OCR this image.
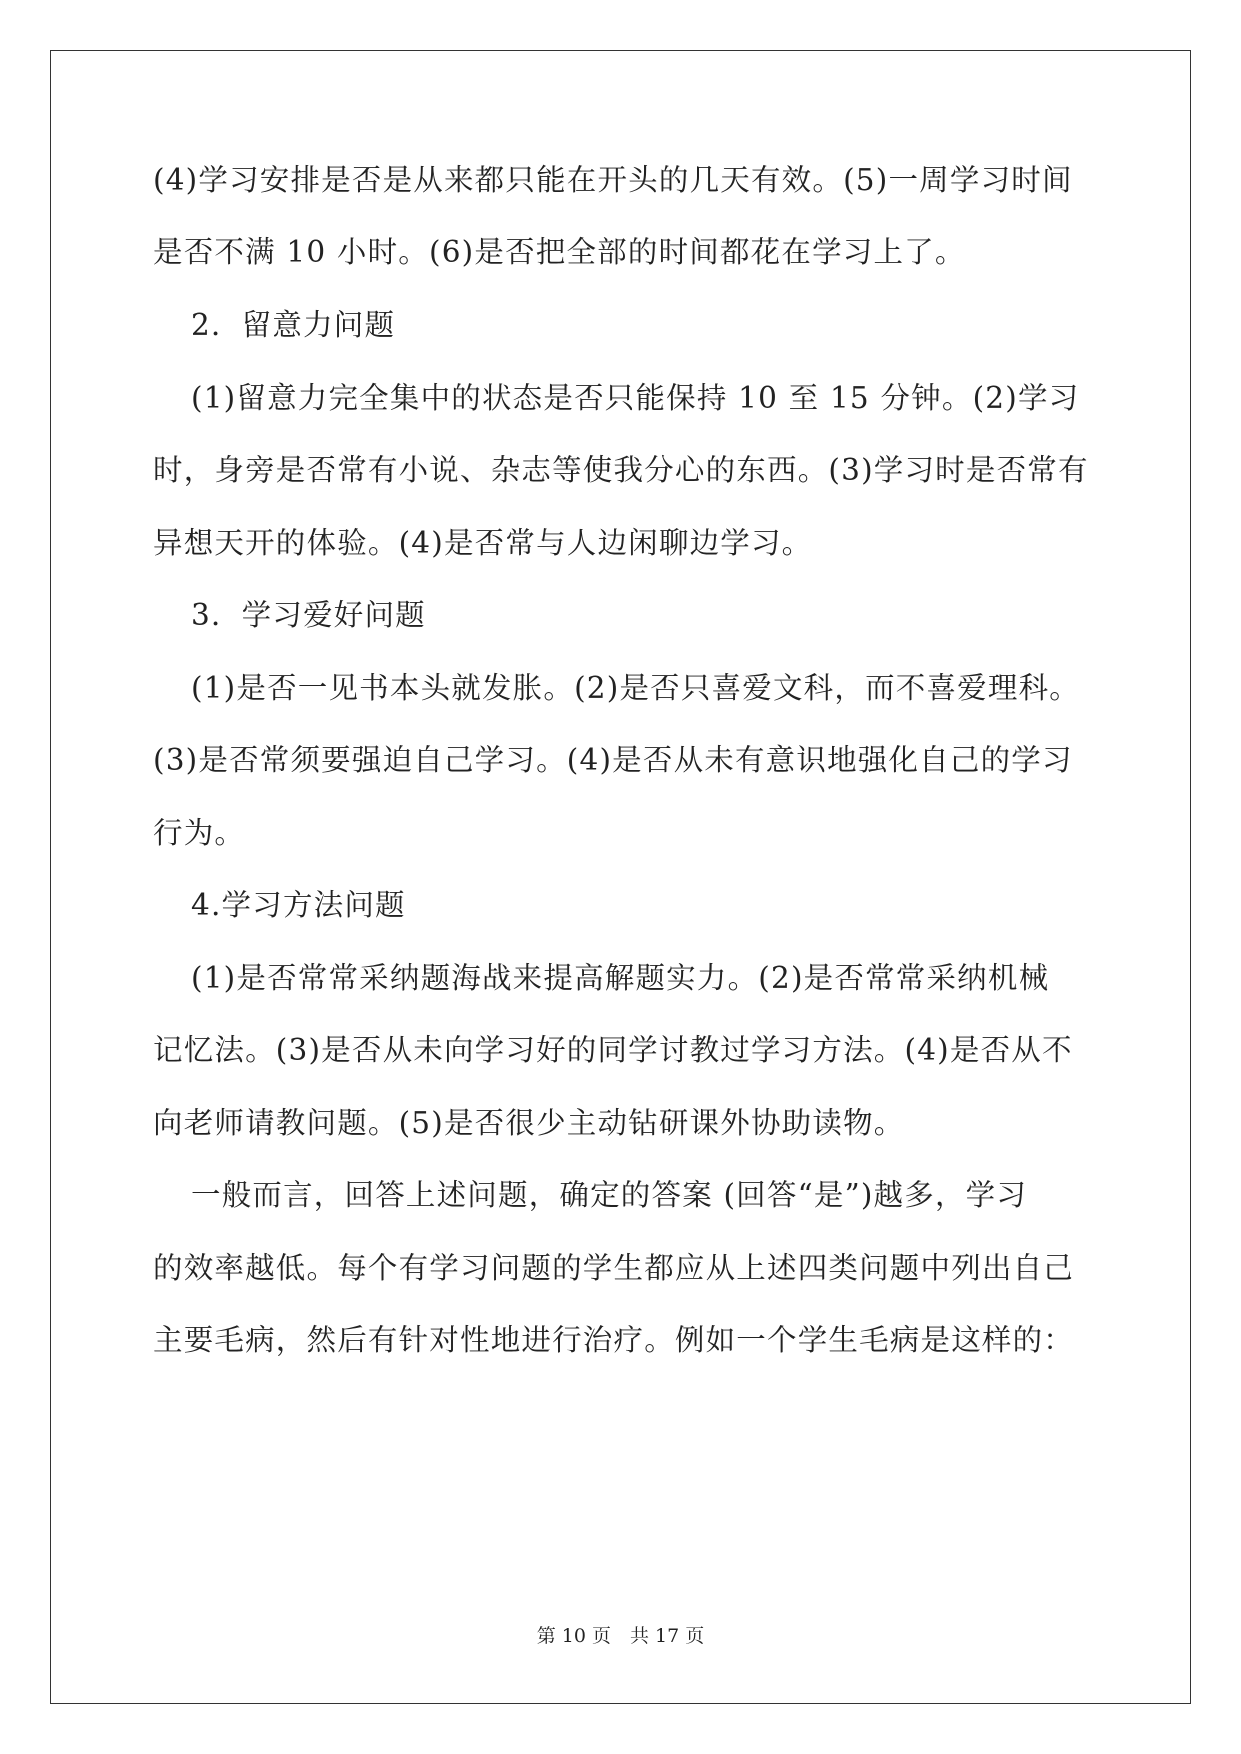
(4)学习安排是否是从来都只能在开头的几天有效。(5)一周学习时间
是否不满 10 小时。(6)是否把全部的时间都花在学习上了。
2．留意力问题
(1)留意力完全集中的状态是否只能保持 10 至 15 分钟。(2)学习
时，身旁是否常有小说、杂志等使我分心的东西。(3)学习时是否常有
异想天开的体验。(4)是否常与人边闲聊边学习。
3．学习爱好问题
(1)是否一见书本头就发胀。(2)是否只喜爱文科，而不喜爱理科。
(3)是否常须要强迫自己学习。(4)是否从未有意识地强化自己的学习
行为。
4.学习方法问题
(1)是否常常采纳题海战来提高解题实力。(2)是否常常采纳机械
记忆法。(3)是否从未向学习好的同学讨教过学习方法。(4)是否从不
向老师请教问题。(5)是否很少主动钻研课外协助读物。
一般而言，回答上述问题，确定的答案 (回答“是”)越多，学习
的效率越低。每个有学习问题的学生都应从上述四类问题中列出自己
主要毛病，然后有针对性地进行治疗。例如一个学生毛病是这样的：
第 10 页　共 17 页
